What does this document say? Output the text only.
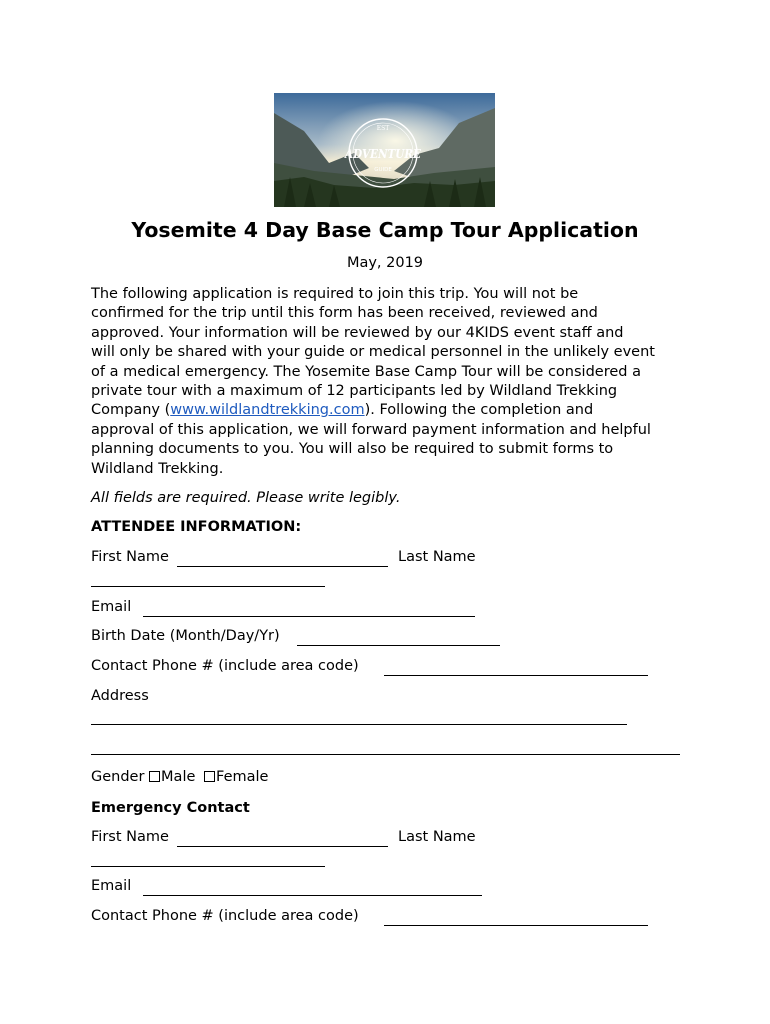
EST
ADVENTURE
GUIDE
Yosemite 4 Day Base Camp Tour Application
May, 2019
The following application is required to join this trip. You will not be
confirmed for the trip until this form has been received, reviewed and
approved. Your information will be reviewed by our 4KIDS event staff and
will only be shared with your guide or medical personnel in the unlikely event
of a medical emergency. The Yosemite Base Camp Tour will be considered a
private tour with a maximum of 12 participants led by Wildland Trekking
Company (www.wildlandtrekking.com). Following the completion and
approval of this application, we will forward payment information and helpful
planning documents to you. You will also be required to submit forms to
Wildland Trekking.
All fields are required. Please write legibly.
ATTENDEE INFORMATION:
First Name	Last Name
Email
Birth Date (Month/Day/Yr)
Contact Phone # (include area code)
Address
Gender Male Female
Emergency Contact
First Name	Last Name
Email
Contact Phone # (include area code)
